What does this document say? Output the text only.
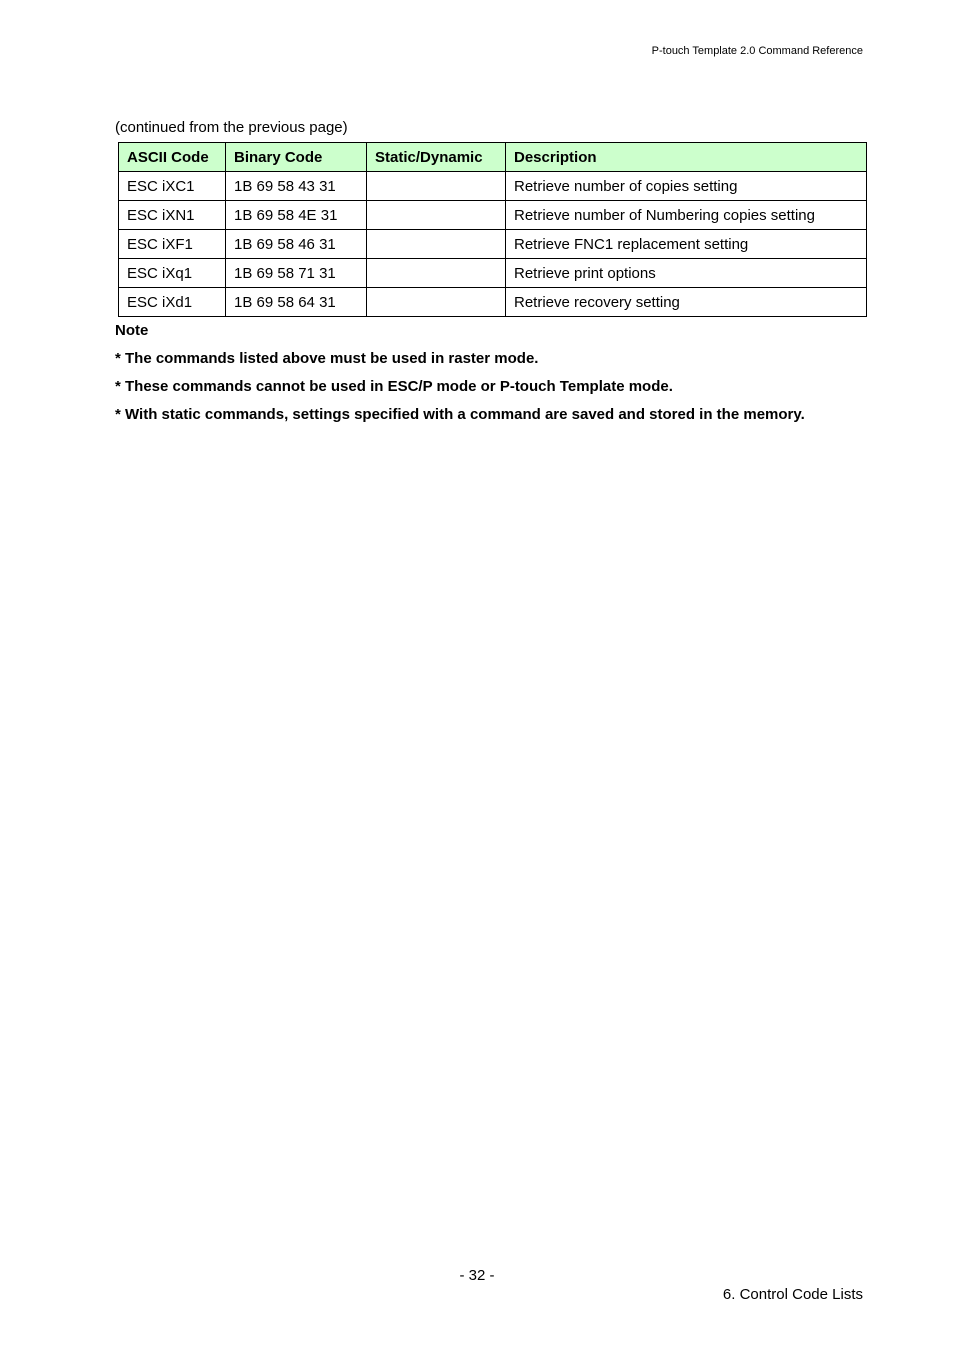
P-touch Template 2.0 Command Reference
(continued from the previous page)
ASCII Code	Binary Code	Static/Dynamic	Description
ESC iXC1	1B 69 58 43 31		Retrieve number of copies setting
ESC iXN1	1B 69 58 4E 31		Retrieve number of Numbering copies setting
ESC iXF1	1B 69 58 46 31		Retrieve FNC1 replacement setting
ESC iXq1	1B 69 58 71 31		Retrieve print options
ESC iXd1	1B 69 58 64 31		Retrieve recovery setting
Note
* The commands listed above must be used in raster mode.
* These commands cannot be used in ESC/P mode or P-touch Template mode.
* With static commands, settings specified with a command are saved and stored in the memory.
- 32 -
6. Control Code Lists
